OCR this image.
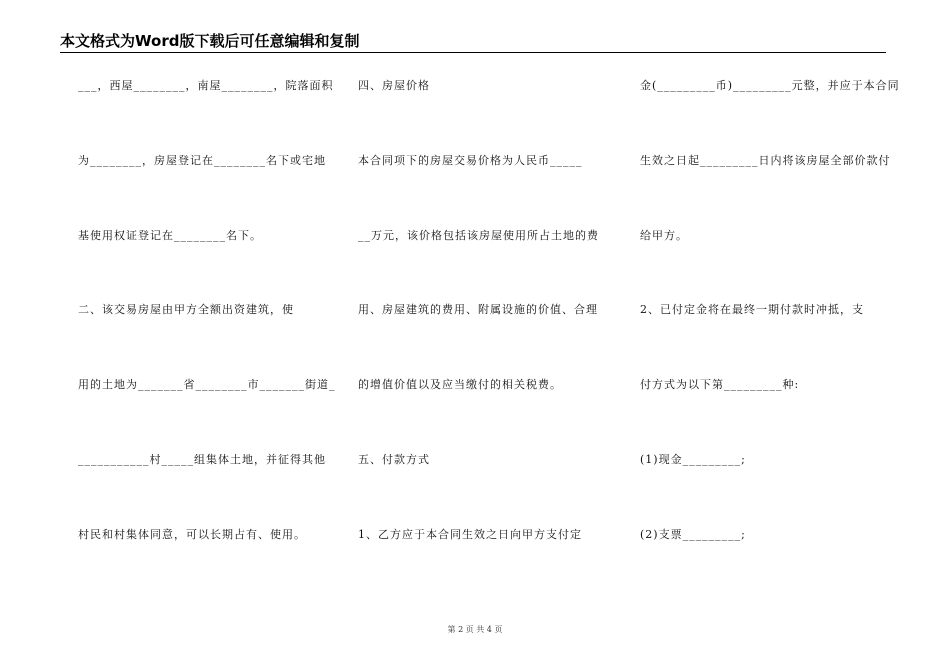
本文格式为Word版下载后可任意编辑和复制
___，西屋________，南屋________，院落面积
为________，房屋登记在________名下或宅地
基使用权证登记在________名下。
二、该交易房屋由甲方全额出资建筑，使
用的土地为_______省________市_______街道_
___________村_____组集体土地，并征得其他
村民和村集体同意，可以长期占有、使用。
四、房屋价格
本合同项下的房屋交易价格为人民币_____
__万元，该价格包括该房屋使用所占土地的费
用、房屋建筑的费用、附属设施的价值、合理
的增值价值以及应当缴付的相关税费。
五、付款方式
1、乙方应于本合同生效之日向甲方支付定
金(_________币)_________元整，并应于本合同
生效之日起_________日内将该房屋全部价款付
给甲方。
2、已付定金将在最终一期付款时冲抵，支
付方式为以下第_________种:
(1)现金_________;
(2)支票_________;
第 2 页 共 4 页
